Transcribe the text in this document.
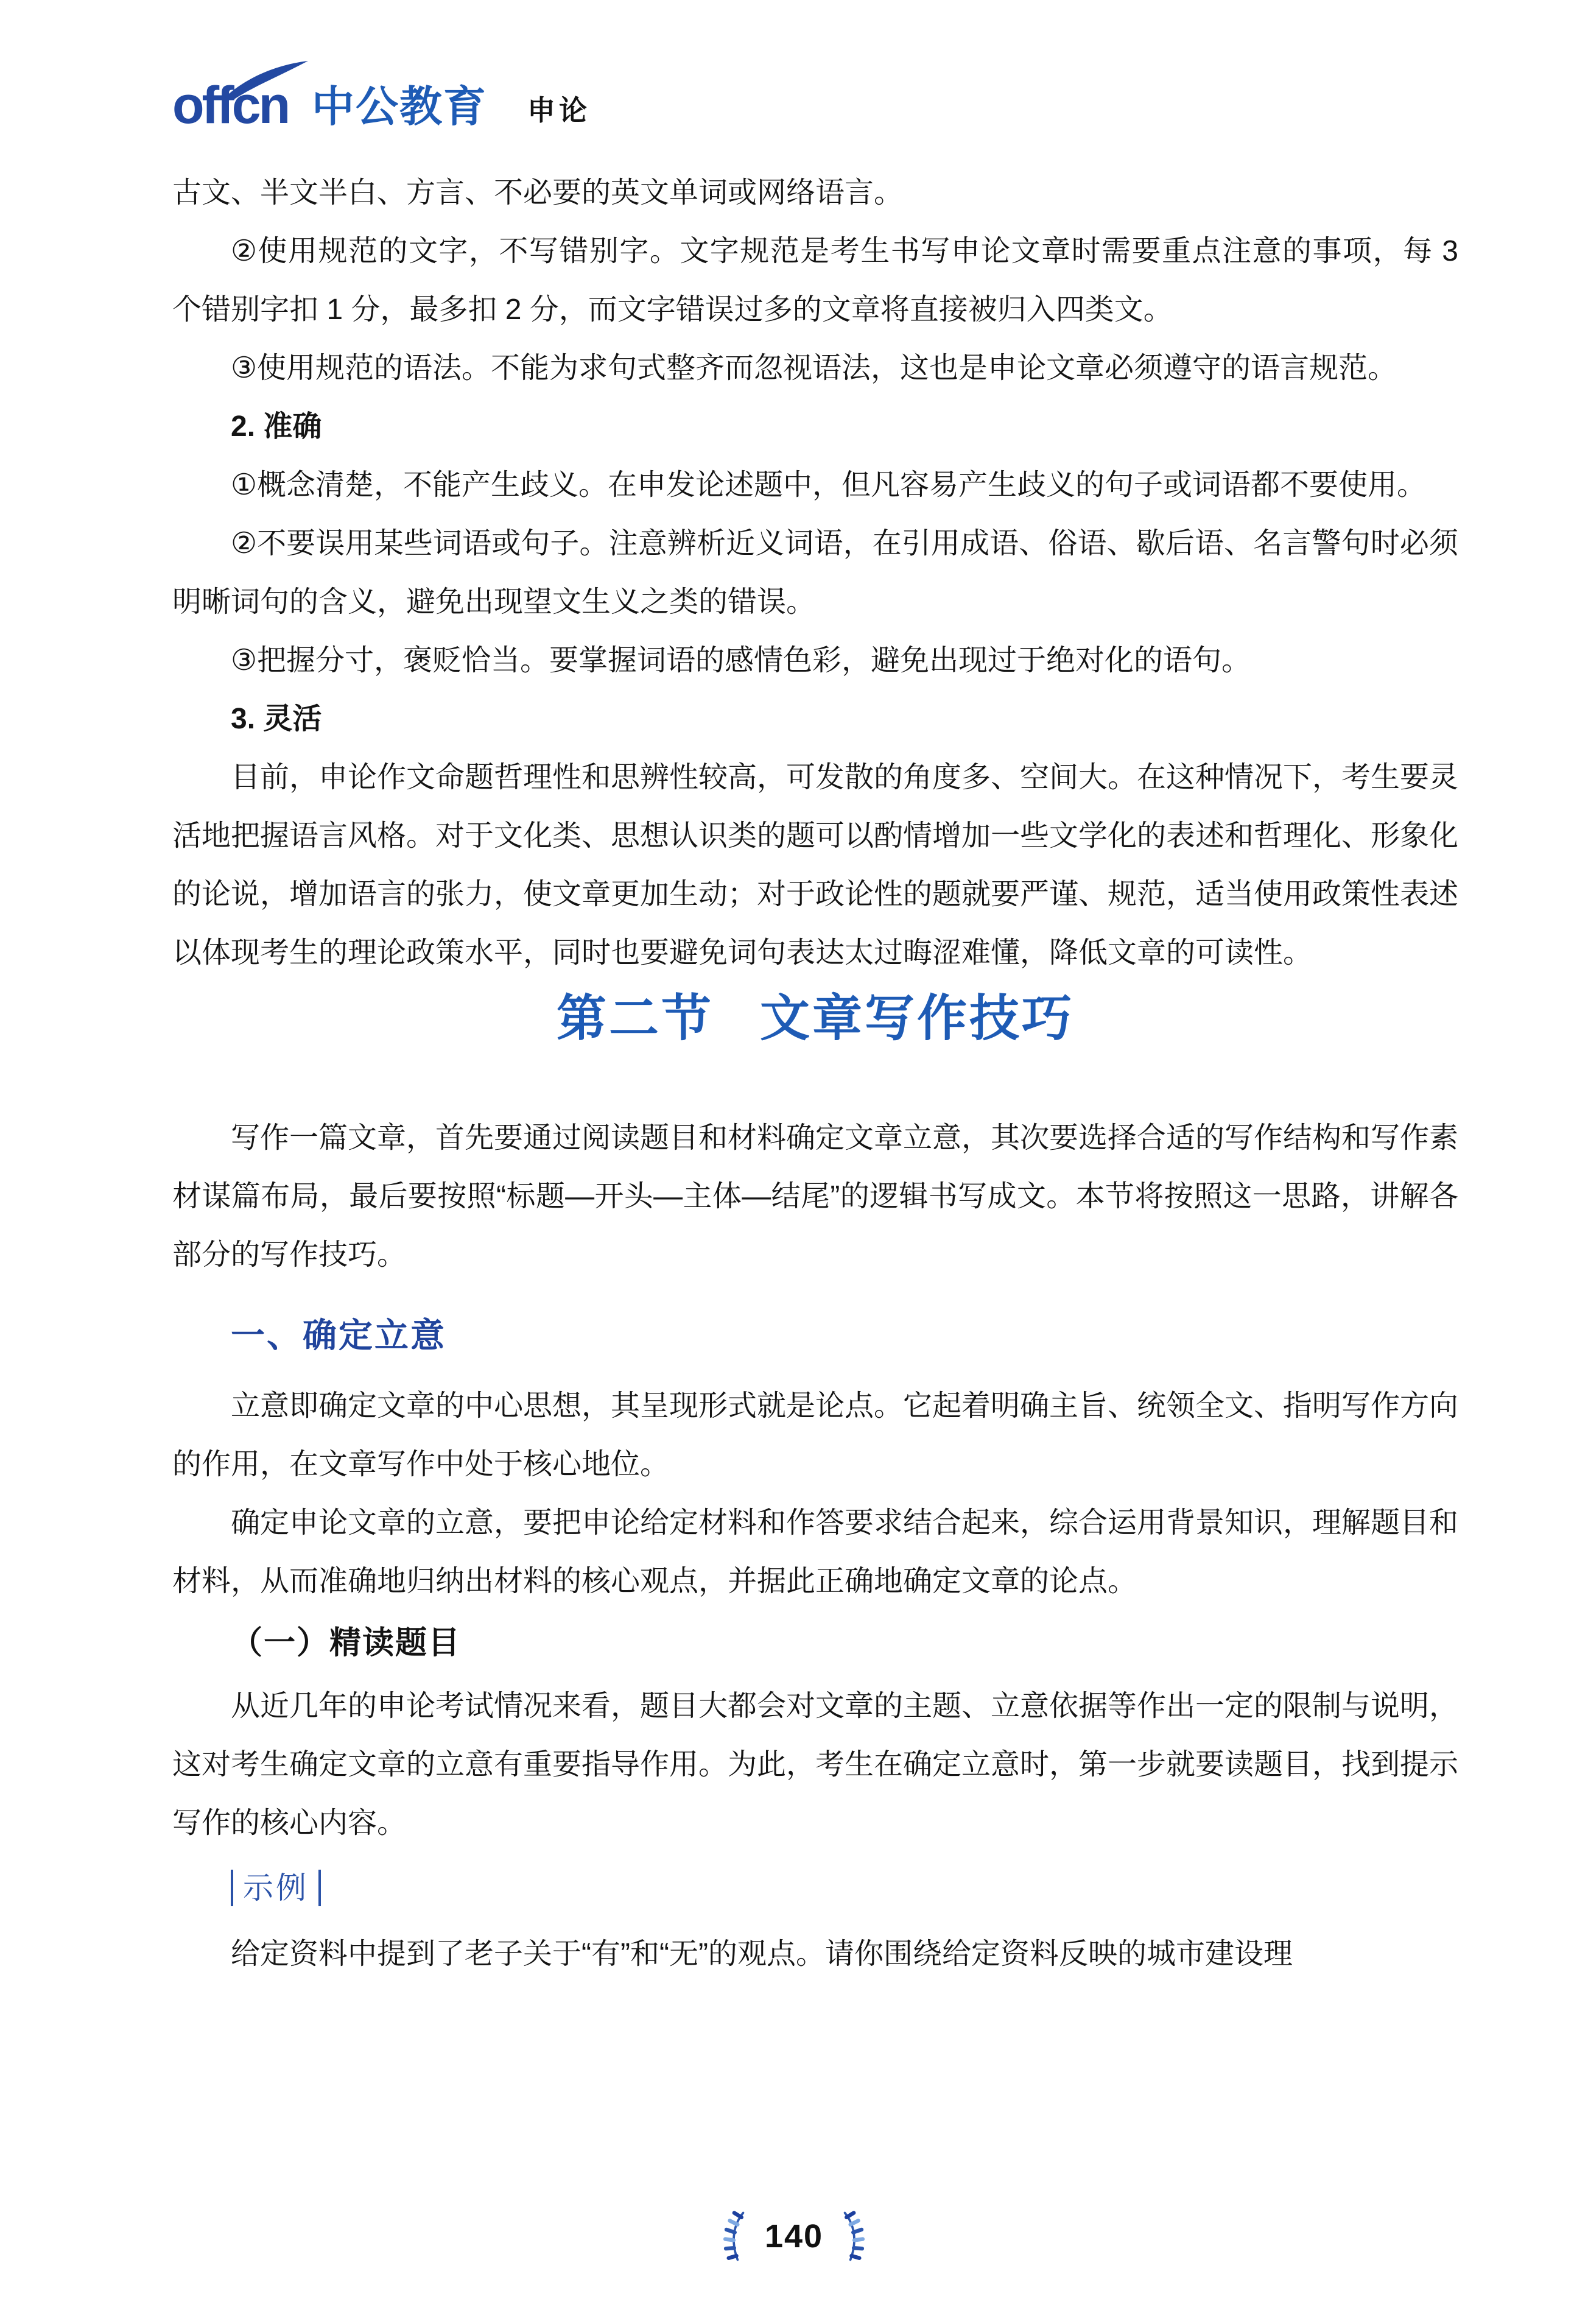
offcn 中公教育 申论

古文、半文半白、方言、不必要的英文单词或网络语言。

②使用规范的文字，不写错别字。文字规范是考生书写申论文章时需要重点注意的事项，每 3 个错别字扣 1 分，最多扣 2 分，而文字错误过多的文章将直接被归入四类文。

③使用规范的语法。不能为求句式整齐而忽视语法，这也是申论文章必须遵守的语言规范。

2. 准确

①概念清楚，不能产生歧义。在申发论述题中，但凡容易产生歧义的句子或词语都不要使用。

②不要误用某些词语或句子。注意辨析近义词语，在引用成语、俗语、歇后语、名言警句时必须明晰词句的含义，避免出现望文生义之类的错误。

③把握分寸，褒贬恰当。要掌握词语的感情色彩，避免出现过于绝对化的语句。

3. 灵活

目前，申论作文命题哲理性和思辨性较高，可发散的角度多、空间大。在这种情况下，考生要灵活地把握语言风格。对于文化类、思想认识类的题可以酌情增加一些文学化的表述和哲理化、形象化的论说，增加语言的张力，使文章更加生动；对于政论性的题就要严谨、规范，适当使用政策性表述以体现考生的理论政策水平，同时也要避免词句表达太过晦涩难懂，降低文章的可读性。

第二节 文章写作技巧

写作一篇文章，首先要通过阅读题目和材料确定文章立意，其次要选择合适的写作结构和写作素材谋篇布局，最后要按照“标题—开头—主体—结尾”的逻辑书写成文。本节将按照这一思路，讲解各部分的写作技巧。

一、确定立意

立意即确定文章的中心思想，其呈现形式就是论点。它起着明确主旨、统领全文、指明写作方向的作用，在文章写作中处于核心地位。

确定申论文章的立意，要把申论给定材料和作答要求结合起来，综合运用背景知识，理解题目和材料，从而准确地归纳出材料的核心观点，并据此正确地确定文章的论点。

（一）精读题目

从近几年的申论考试情况来看，题目大都会对文章的主题、立意依据等作出一定的限制与说明，这对考生确定文章的立意有重要指导作用。为此，考生在确定立意时，第一步就要读题目，找到提示写作的核心内容。

示例

给定资料中提到了老子关于“有”和“无”的观点。请你围绕给定资料反映的城市建设理

140
